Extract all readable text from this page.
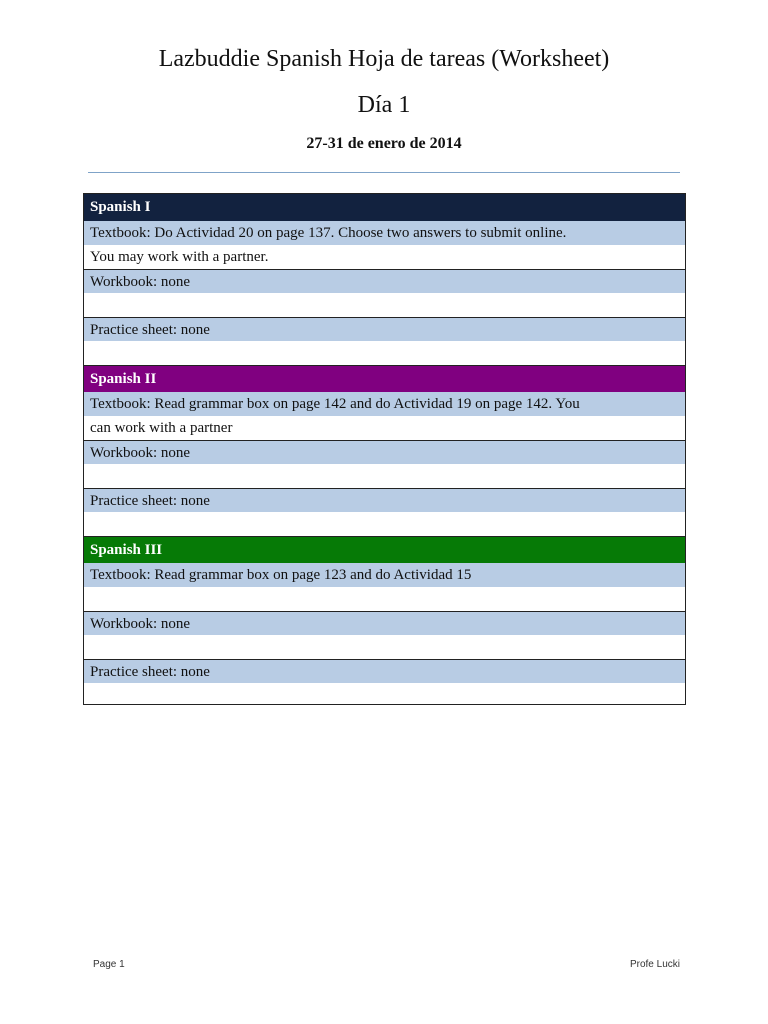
Lazbuddie Spanish Hoja de tareas (Worksheet)
Día 1
27-31 de enero de 2014
Spanish I
Textbook: Do Actividad 20 on page 137. Choose two answers to submit online.
You may work with a partner.
Workbook: none
Practice sheet: none
Spanish II
Textbook: Read grammar box on page 142 and do Actividad 19 on page 142. You
can work with a partner
Workbook: none
Practice sheet: none
Spanish III
Textbook: Read grammar box on page 123 and do Actividad 15
Workbook: none
Practice sheet: none
Page 1	Profe Lucki
